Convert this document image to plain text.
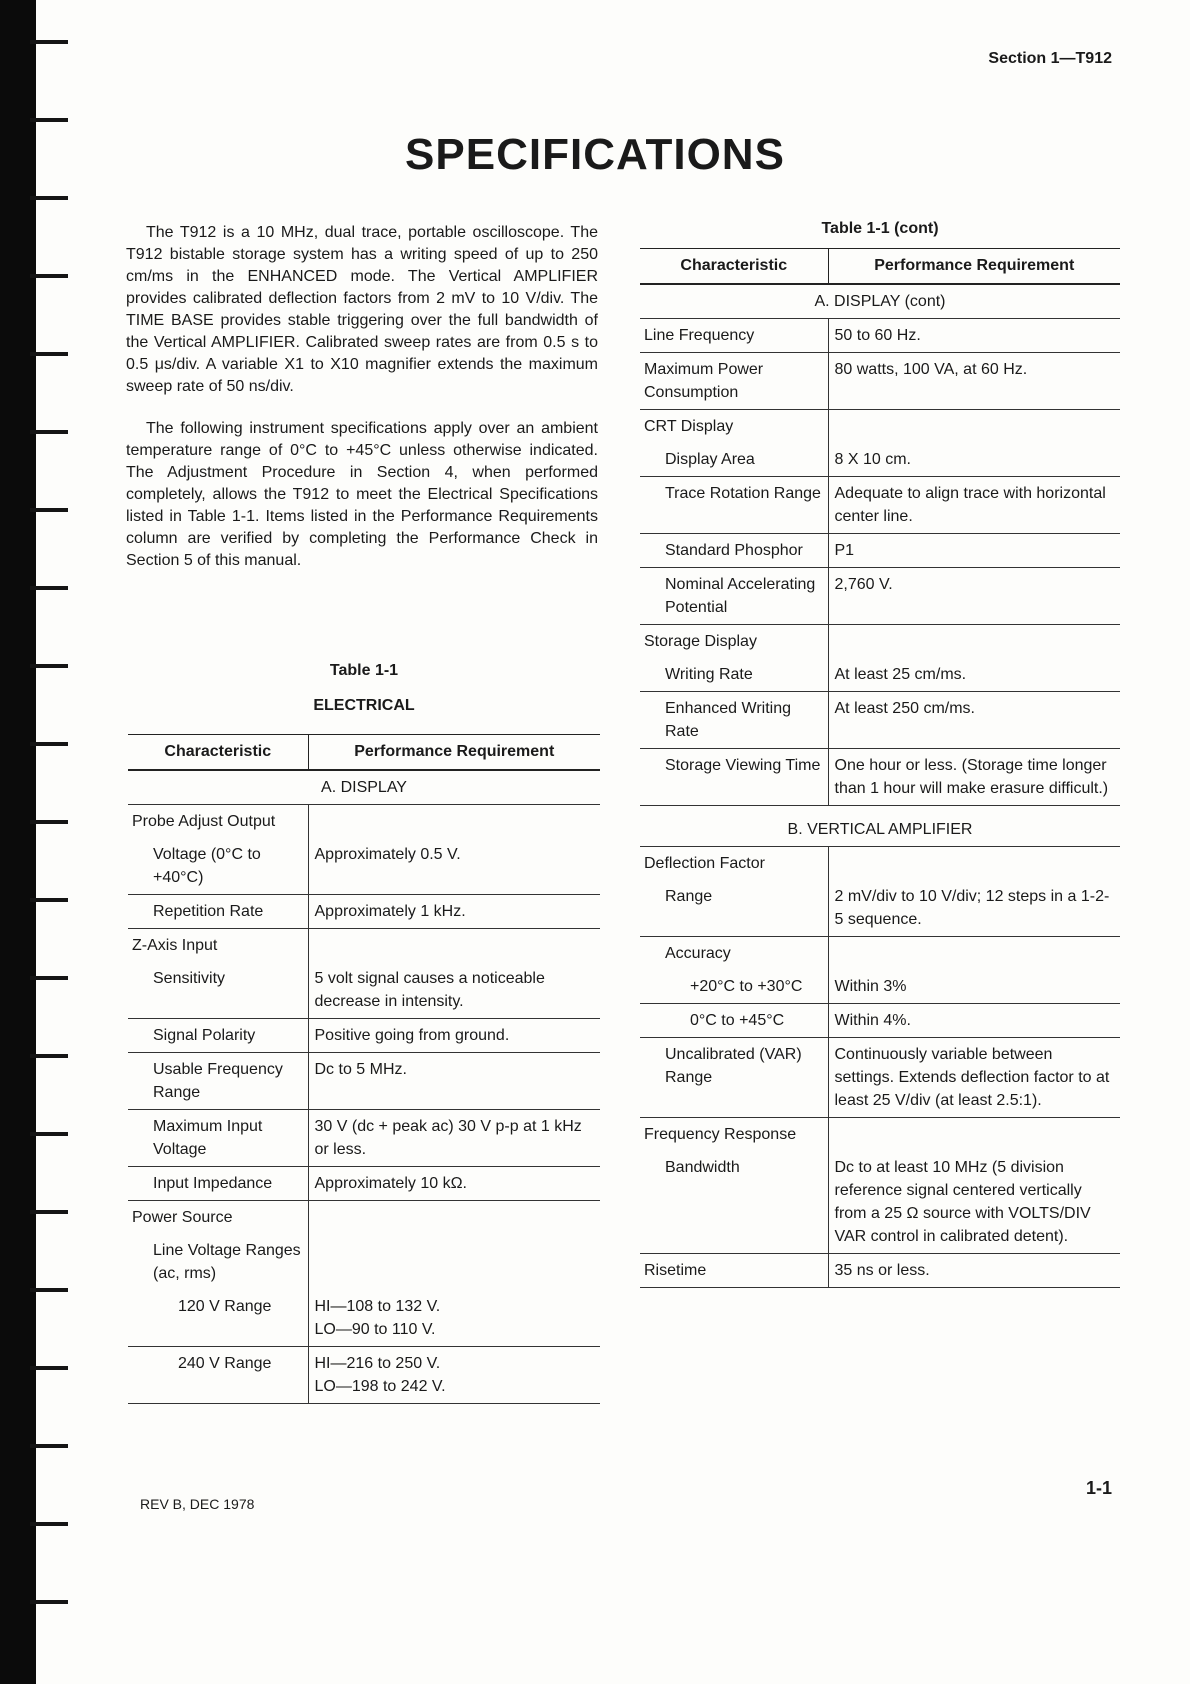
Section 1—T912
SPECIFICATIONS

The T912 is a 10 MHz, dual trace, portable oscilloscope. The T912 bistable storage system has a writing speed of up to 250 cm/ms in the ENHANCED mode. The Vertical AMPLIFIER provides calibrated deflection factors from 2 mV to 10 V/div. The TIME BASE provides stable triggering over the full bandwidth of the Vertical AMPLIFIER. Calibrated sweep rates are from 0.5 s to 0.5 μs/div. A variable X1 to X10 magnifier extends the maximum sweep rate of 50 ns/div.

The following instrument specifications apply over an ambient temperature range of 0°C to +45°C unless otherwise indicated. The Adjustment Procedure in Section 4, when performed completely, allows the T912 to meet the Electrical Specifications listed in Table 1-1. Items listed in the Performance Requirements column are verified by completing the Performance Check in Section 5 of this manual.

Table 1-1
ELECTRICAL
Characteristic	Performance Requirement
A. DISPLAY	
Probe Adjust Output	
Voltage (0°C to +40°C)	Approximately 0.5 V.
Repetition Rate	Approximately 1 kHz.
Z-Axis Input	
Sensitivity	5 volt signal causes a noticeable decrease in intensity.
Signal Polarity	Positive going from ground.
Usable Frequency Range	Dc to 5 MHz.
Maximum Input Voltage	30 V (dc + peak ac) 30 V p-p at 1 kHz or less.
Input Impedance	Approximately 10 kΩ.
Power Source	
Line Voltage Ranges (ac, rms)	
120 V Range	HI—108 to 132 V.
LO—90 to 110 V.

240 V Range	HI—216 to 250 V.
LO—198 to 242 V.
Table 1-1 (cont)
Characteristic	Performance Requirement
A. DISPLAY (cont)	
Line Frequency	50 to 60 Hz.
Maximum Power Consumption	80 watts, 100 VA, at 60 Hz.
CRT Display	
Display Area	8 X 10 cm.
Trace Rotation Range	Adequate to align trace with horizontal center line.
Standard Phosphor	P1
Nominal Accelerating Potential	2,760 V.
Storage Display	
Writing Rate	At least 25 cm/ms.
Enhanced Writing Rate	At least 250 cm/ms.
Storage Viewing Time	One hour or less. (Storage time longer than 1 hour will make erasure difficult.)
B. VERTICAL AMPLIFIER	
Deflection Factor	
Range	2 mV/div to 10 V/div; 12 steps in a 1-2-5 sequence.
Accuracy	
+20°C to +30°C	Within 3%
0°C to +45°C	Within 4%.
Uncalibrated (VAR) Range	Continuously variable between settings. Extends deflection factor to at least 25 V/div (at least 2.5:1).
Frequency Response	
Bandwidth	Dc to at least 10 MHz (5 division reference signal centered vertically from a 25 Ω source with VOLTS/DIV VAR control in calibrated detent).
Risetime	35 ns or less.
REV B, DEC 1978
1-1
